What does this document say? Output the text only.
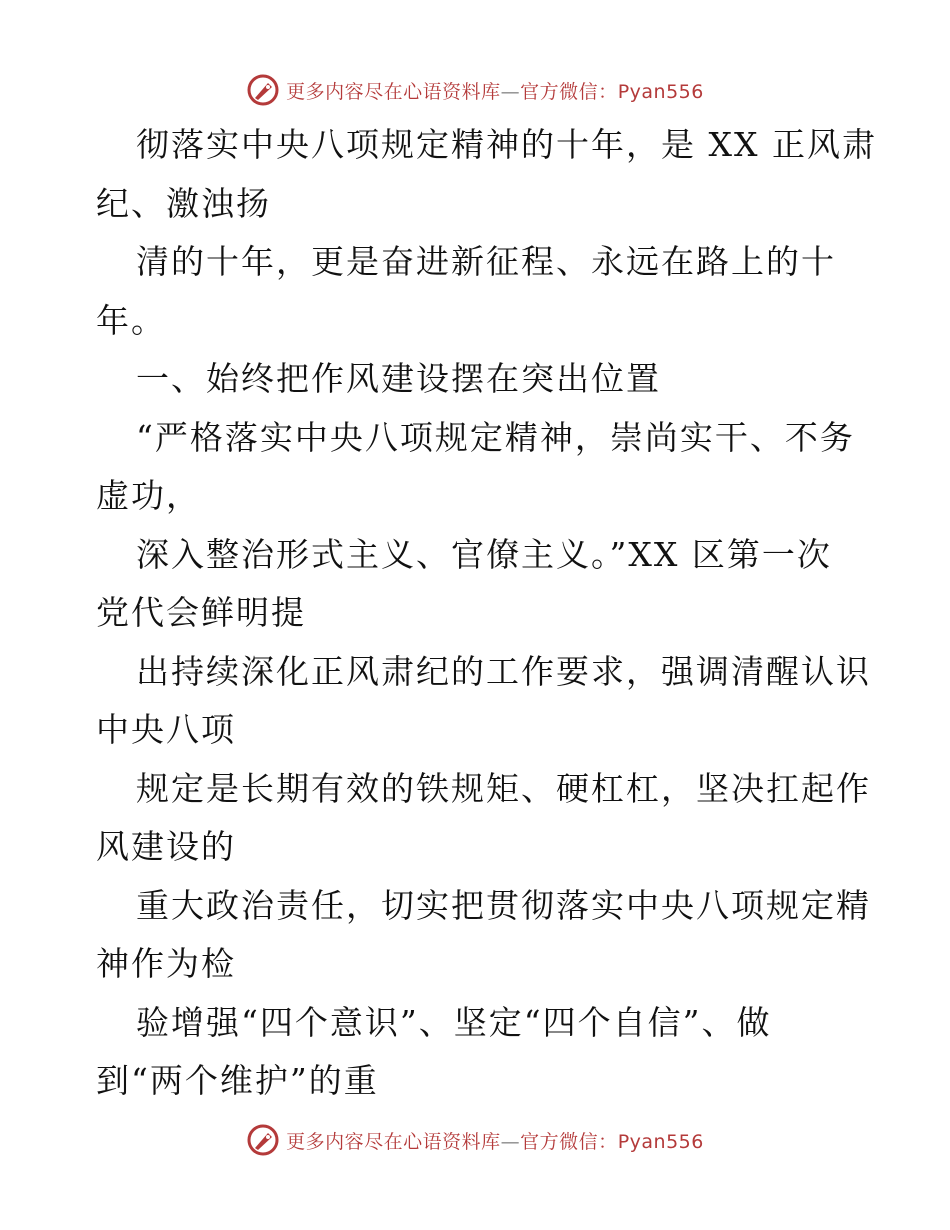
更多内容尽在心语资料库—官方微信：Pyan556
彻落实中央八项规定精神的十年，是 XX 正风肃
纪、激浊扬
清的十年，更是奋进新征程、永远在路上的十
年。
一、始终把作风建设摆在突出位置
“严格落实中央八项规定精神，崇尚实干、不务
虚功，
深入整治形式主义、官僚主义。”XX 区第一次
党代会鲜明提
出持续深化正风肃纪的工作要求，强调清醒认识
中央八项
规定是长期有效的铁规矩、硬杠杠，坚决扛起作
风建设的
重大政治责任，切实把贯彻落实中央八项规定精
神作为检
验增强“四个意识”、坚定“四个自信”、做
到“两个维护”的重
更多内容尽在心语资料库—官方微信：Pyan556
